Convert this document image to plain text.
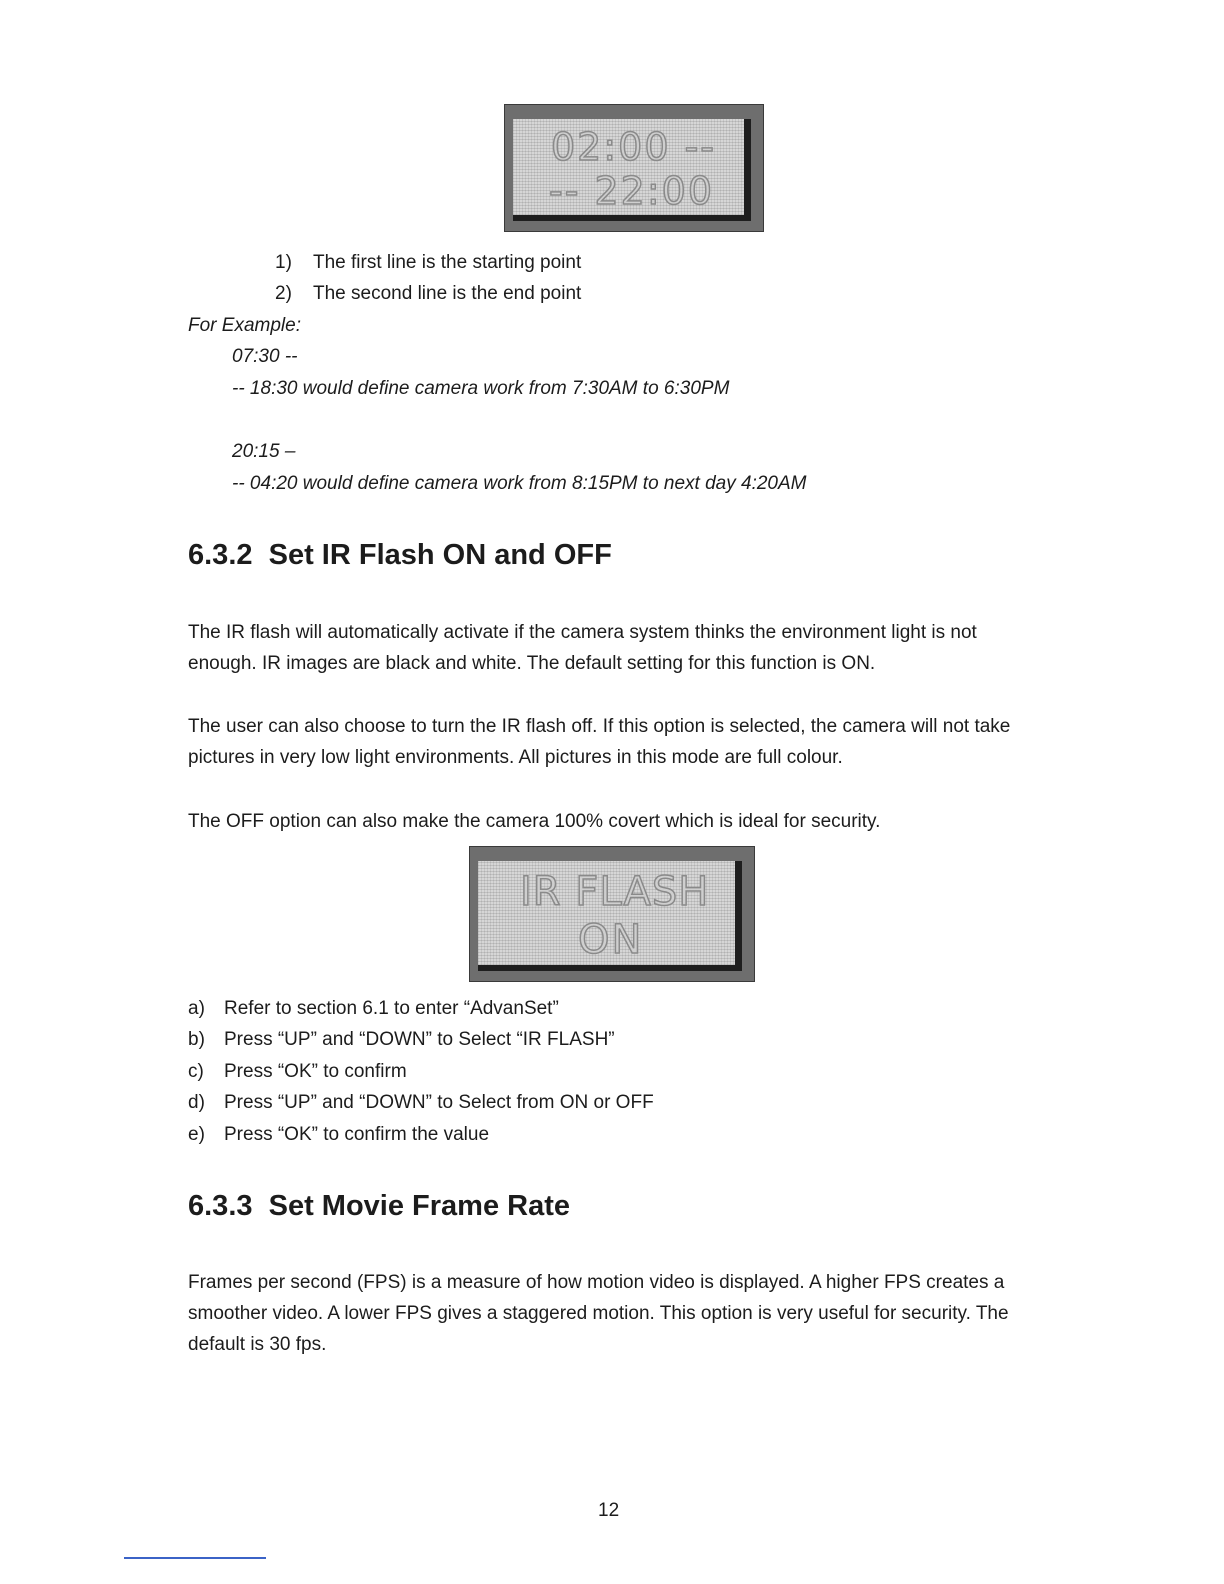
02:00 --
-- 22:00
1) The first line is the starting point
2) The second line is the end point
For Example:
07:30 --
-- 18:30 would define camera work from 7:30AM to 6:30PM
20:15 –
-- 04:20 would define camera work from 8:15PM to next day 4:20AM
6.3.2  Set IR Flash ON and OFF
The IR flash will automatically activate if the camera system thinks the environment light is not
enough. IR images are black and white. The default setting for this function is ON.
The user can also choose to turn the IR flash off. If this option is selected, the camera will not take
pictures in very low light environments. All pictures in this mode are full colour.
The OFF option can also make the camera 100% covert which is ideal for security.
IR FLASH
ON
a) Refer to section 6.1 to enter “AdvanSet”
b) Press “UP” and “DOWN” to Select “IR FLASH”
c) Press “OK” to confirm
d) Press “UP” and “DOWN” to Select from ON or OFF
e) Press “OK” to confirm the value
6.3.3  Set Movie Frame Rate
Frames per second (FPS) is a measure of how motion video is displayed. A higher FPS creates a
smoother video. A lower FPS gives a staggered motion. This option is very useful for security. The
default is 30 fps.
12
